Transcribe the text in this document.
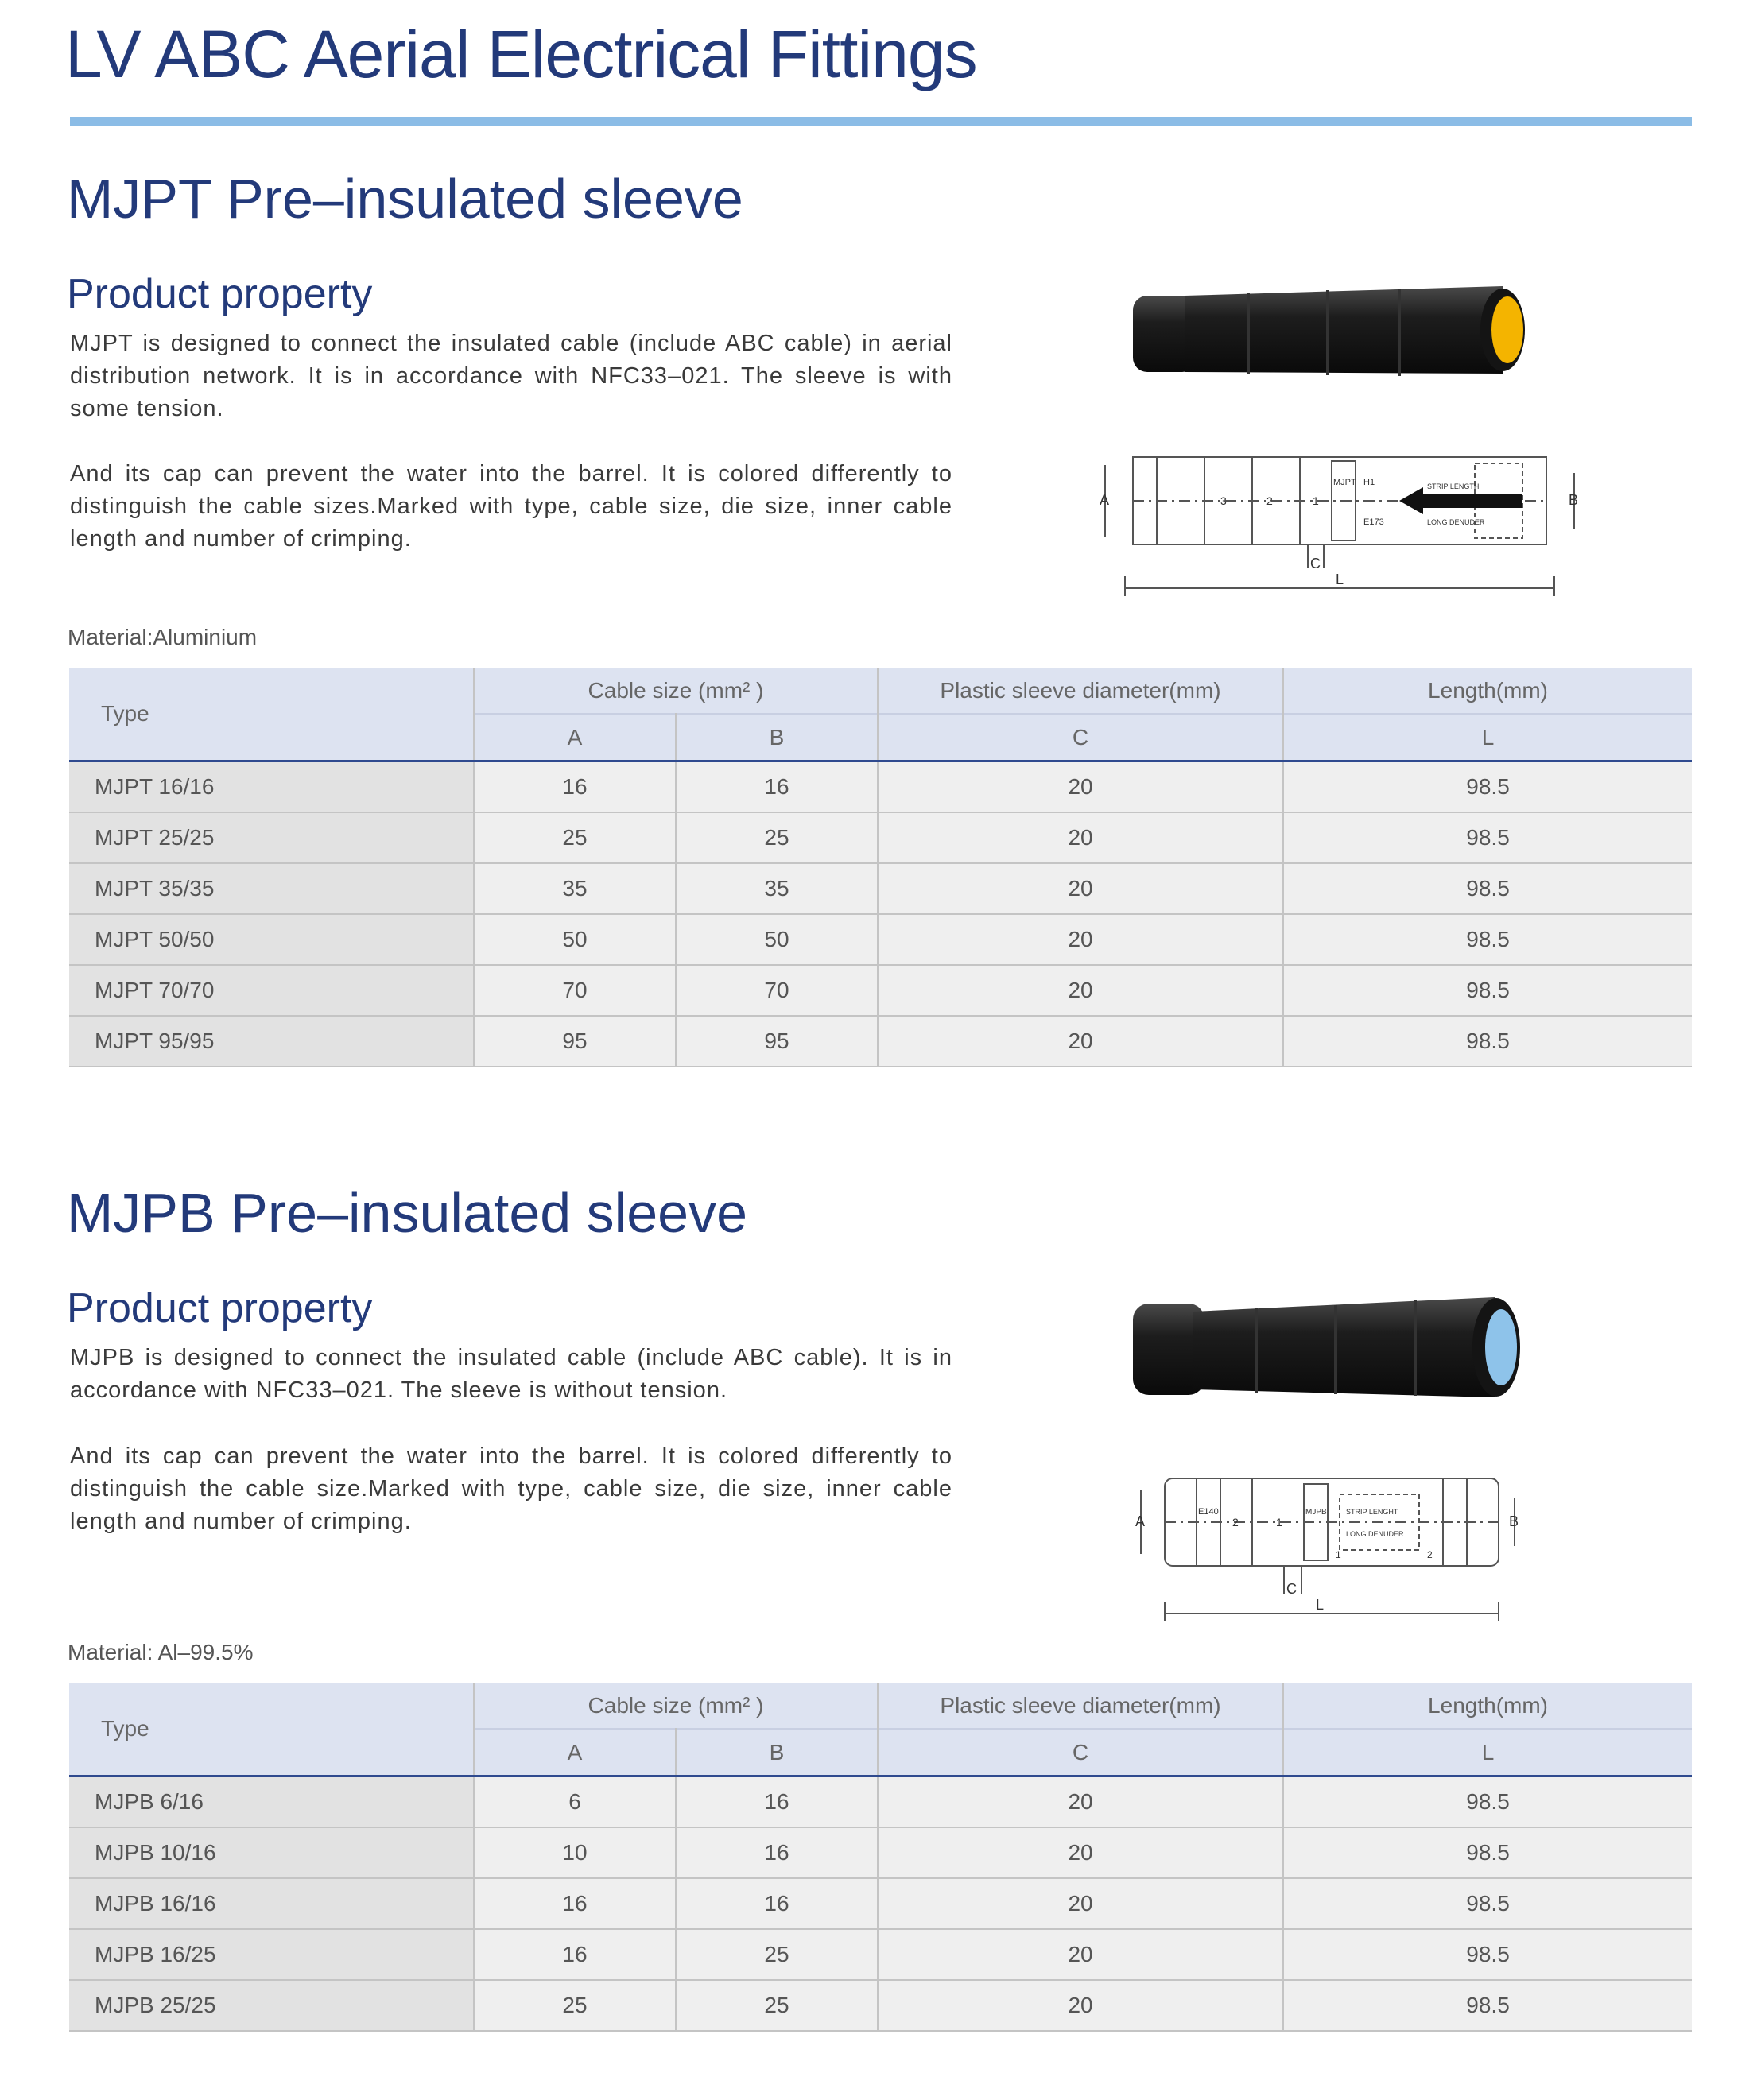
LV ABC Aerial Electrical Fittings
MJPT Pre–insulated sleeve
Product property

MJPT is designed to connect the insulated cable (include ABC cable) in aerial distribution network. It is in accordance with NFC33–021. The sleeve is with some tension.

And its cap can prevent the water into the barrel. It is colored differently to distinguish the cable sizes.Marked with type, cable size, die size, inner cable length and number of crimping.

A	B
C
L
3	2	1
MJPT H1
E173
STRIP LENGTH
LONG DENUDER
Material:Aluminium
Type	Cable size (mm² )		Plastic sleeve diameter(mm)	Length(mm)
	A	B	C	L
MJPT 16/16	16	16	20	98.5
MJPT 25/25	25	25	20	98.5
MJPT 35/35	35	35	20	98.5
MJPT 50/50	50	50	20	98.5
MJPT 70/70	70	70	20	98.5
MJPT 95/95	95	95	20	98.5
MJPB Pre–insulated sleeve
Product property

MJPB is designed to connect the insulated cable (include ABC cable). It is in accordance with NFC33–021. The sleeve is without tension.

And its cap can prevent the water into the barrel. It is colored differently to distinguish the cable size.Marked with type, cable size, die size, inner cable length and number of crimping.	A	B
C
L
2
E140
1
MJPB
1	2
STRIP LENGHT
LONG DENUDER
Material: Al–99.5%
Type	Cable size (mm² )		Plastic sleeve diameter(mm)	Length(mm)
	A	B	C	L
MJPB 6/16	6	16	20	98.5
MJPB 10/16	10	16	20	98.5
MJPB 16/16	16	16	20	98.5
MJPB 16/25	16	25	20	98.5
MJPB 25/25	25	25	20	98.5
